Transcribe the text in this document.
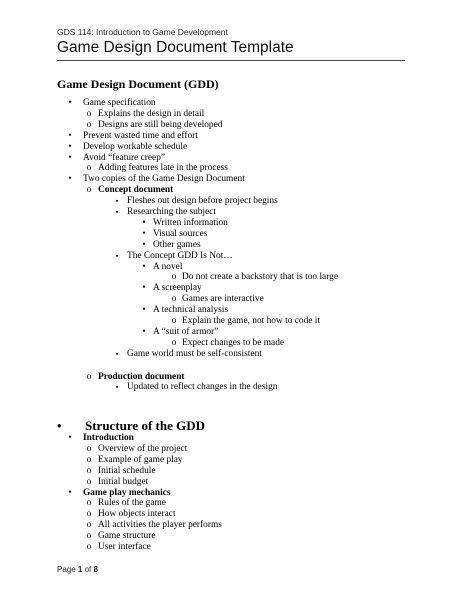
GDS 114: Introduction to Game Development
Game Design Document Template
Game Design Document (GDD)
• Game specification
o Explains the design in detail
o Designs are still being developed
• Prevent wasted time and effort
• Develop workable schedule
• Avoid “feature creep”
o Adding features late in the process
• Two copies of the Game Design Document
o Concept document
▪ Fleshes out design before project begins
▪ Researching the subject
• Written information
• Visual sources
• Other games
▪ The Concept GDD Is Not…
• A novel
o Do not create a backstory that is too large
• A screenplay
o Games are interactive
• A technical analysis
o Explain the game, not how to code it
• A “suit of armor”
o Expect changes to be made
▪ Game world must be self-consistent
o Production document
▪ Updated to reflect changes in the design
• Structure of the GDD
• Introduction
o Overview of the project
o Example of game play
o Initial schedule
o Initial budget
• Game play mechanics
o Rules of the game
o How objects interact
o All activities the player performs
o Game structure
o User interface
Page 1 of 8
